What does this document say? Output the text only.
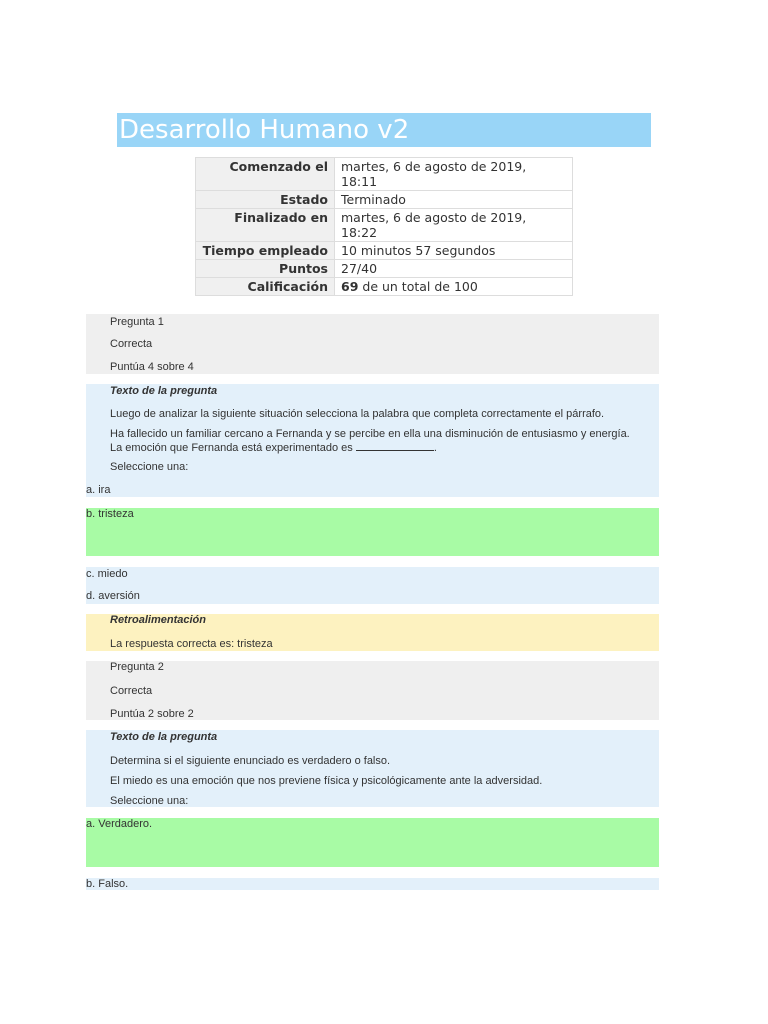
Desarrollo Humano v2
Comenzado el	martes, 6 de agosto de 2019, 18:11
Estado	Terminado
Finalizado en	martes, 6 de agosto de 2019, 18:22
Tiempo empleado	10 minutos 57 segundos
Puntos	27/40
Calificación	69 de un total de 100
Pregunta 1
Correcta
Puntúa 4 sobre 4
Texto de la pregunta
Luego de analizar la siguiente situación selecciona la palabra que completa correctamente el párrafo.
Ha fallecido un familiar cercano a Fernanda y se percibe en ella una disminución de entusiasmo y energía. La emoción que Fernanda está experimentado es	.
Seleccione una:
a. ira
b. tristeza
c. miedo
d. aversión
Retroalimentación
La respuesta correcta es: tristeza
Pregunta 2
Correcta
Puntúa 2 sobre 2
Texto de la pregunta
Determina si el siguiente enunciado es verdadero o falso.
El miedo es una emoción que nos previene física y psicológicamente ante la adversidad.
Seleccione una:
a. Verdadero.
b. Falso.
